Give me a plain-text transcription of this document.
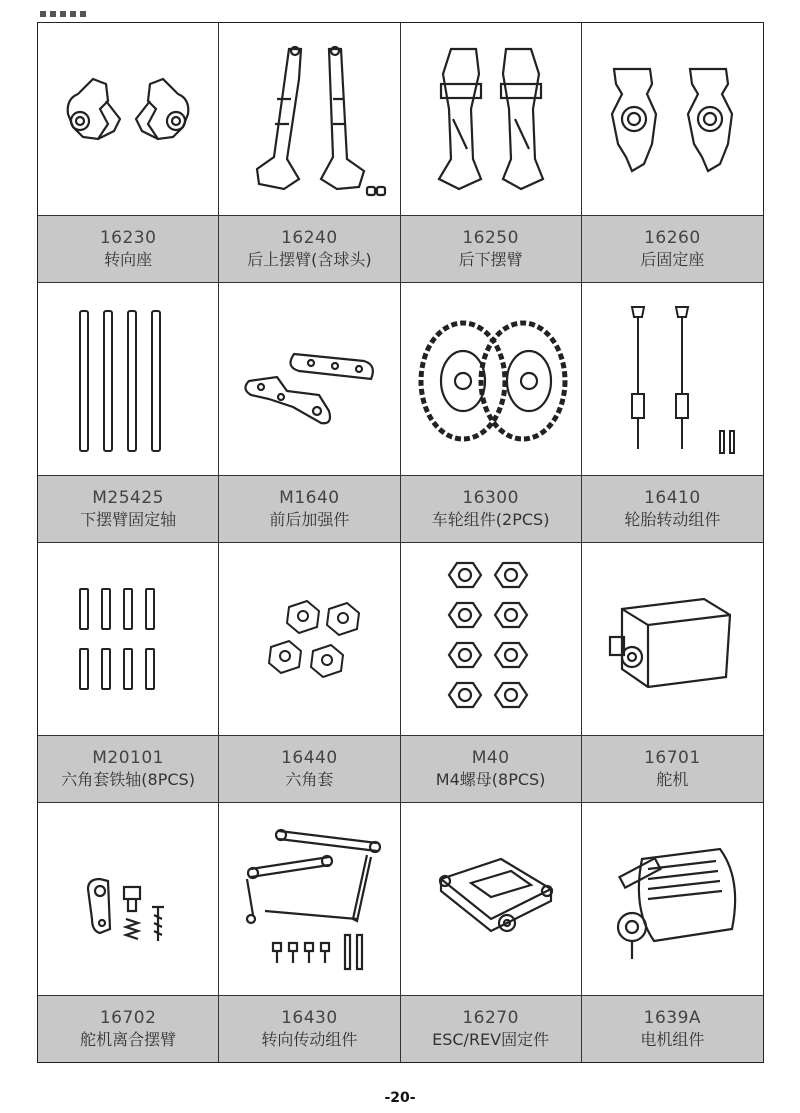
16230
转向座
16240
后上摆臂(含球头)
16250
后下摆臂
16260
后固定座
M25425
下摆臂固定轴
M1640
前后加强件
16300
车轮组件(2PCS)
16410
轮胎转动组件
M20101
六角套铁轴(8PCS)
16440
六角套
M40
M4螺母(8PCS)
16701
舵机
16702
舵机离合摆臂
16430
转向传动组件
16270
ESC/REV固定件
1639A
电机组件
-20-
